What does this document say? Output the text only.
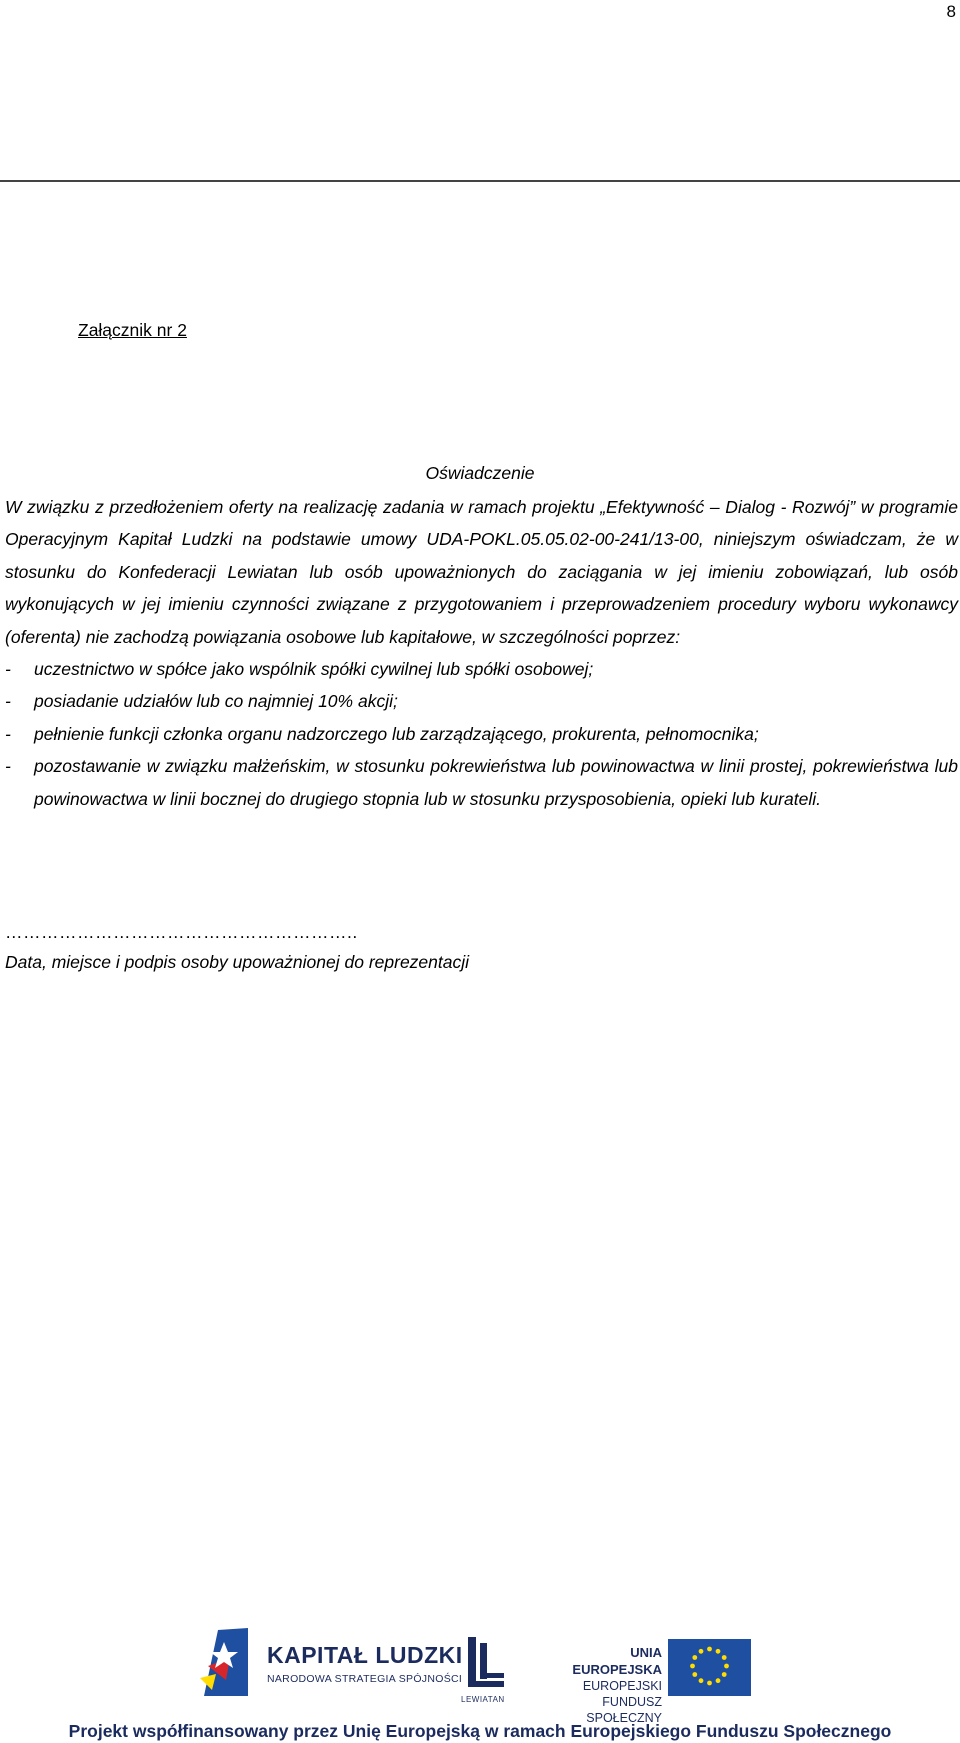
8
Załącznik nr 2
Oświadczenie

W związku z przedłożeniem oferty na realizację zadania w ramach projektu „Efektywność – Dialog - Rozwój” w programie Operacyjnym Kapitał Ludzki na podstawie umowy UDA-POKL.05.05.02-00-241/13-00, niniejszym oświadczam, że w stosunku do Konfederacji Lewiatan lub osób upoważnionych do zaciągania w jej imieniu zobowiązań, lub osób wykonujących w jej imieniu czynności związane z przygotowaniem i przeprowadzeniem procedury wyboru wykonawcy (oferenta) nie zachodzą powiązania osobowe lub kapitałowe, w szczególności poprzez:

- uczestnictwo w spółce jako wspólnik spółki cywilnej lub spółki osobowej;
- posiadanie udziałów lub co najmniej 10% akcji;
- pełnienie funkcji członka organu nadzorczego lub zarządzającego, prokurenta, pełnomocnika;
- pozostawanie w związku małżeńskim, w stosunku pokrewieństwa lub powinowactwa w linii prostej, pokrewieństwa lub powinowactwa w linii bocznej do drugiego stopnia lub w stosunku przysposobienia, opieki lub kurateli.
…………………………………………………..
Data, miejsce i podpis osoby upoważnionej do reprezentacji
KAPITAŁ LUDZKI
NARODOWA STRATEGIA SPÓJNOŚCI
LEWIATAN
UNIA EUROPEJSKA
EUROPEJSKI
FUNDUSZ SPOŁECZNY
Projekt współfinansowany przez Unię Europejską w ramach Europejskiego Funduszu Społecznego
